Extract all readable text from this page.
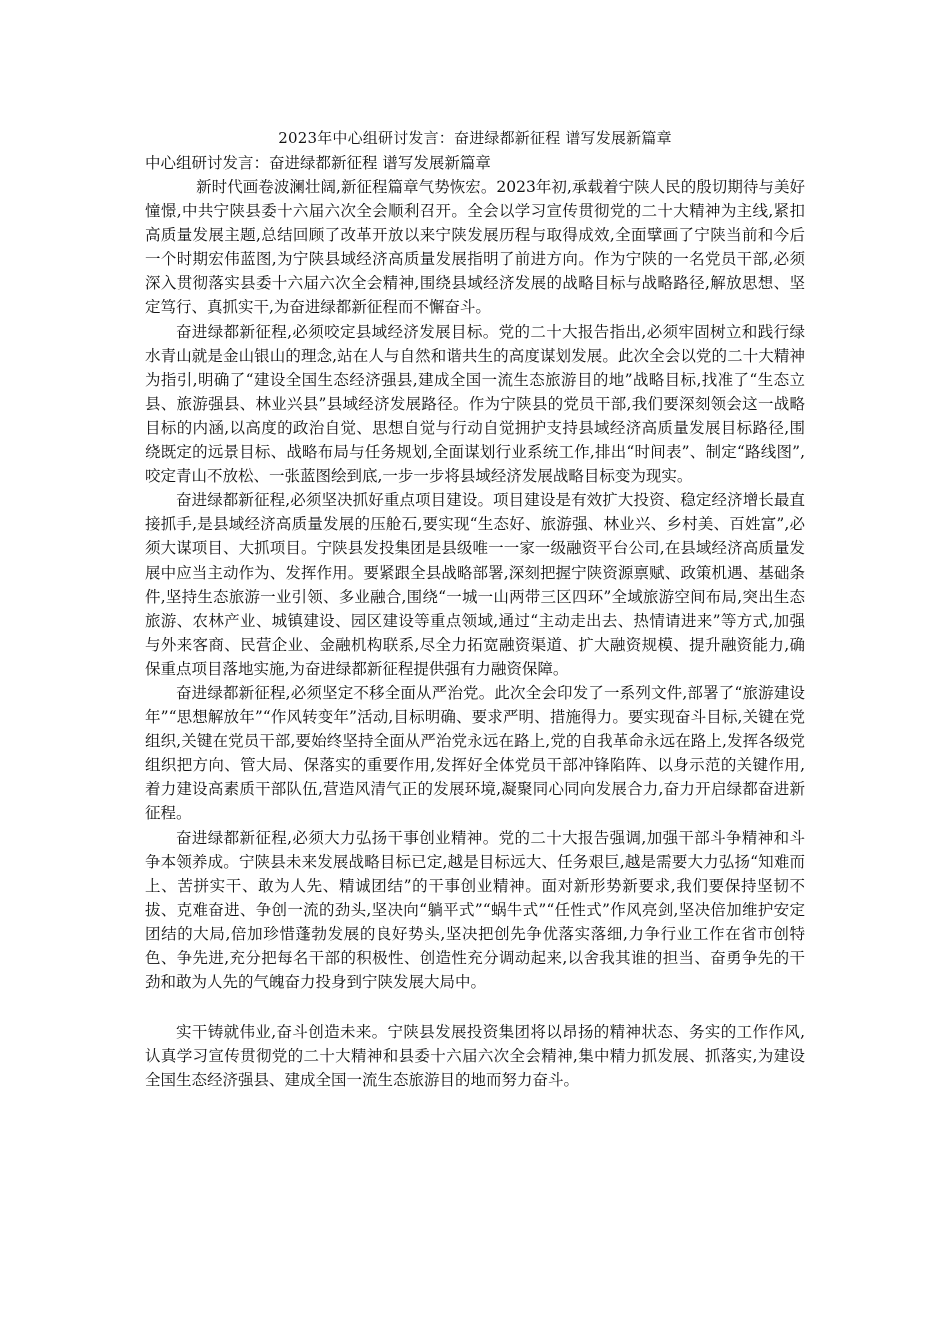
2023年中心组研讨发言：奋进绿都新征程 谱写发展新篇章
中心组研讨发言：奋进绿都新征程 谱写发展新篇章

新时代画卷波澜壮阔,新征程篇章气势恢宏。2023年初,承载着宁陕人民的殷切期待与美好憧憬,中共宁陕县委十六届六次全会顺利召开。全会以学习宣传贯彻党的二十大精神为主线,紧扣高质量发展主题,总结回顾了改革开放以来宁陕发展历程与取得成效,全面擘画了宁陕当前和今后一个时期宏伟蓝图,为宁陕县域经济高质量发展指明了前进方向。作为宁陕的一名党员干部,必须深入贯彻落实县委十六届六次全会精神,围绕县域经济发展的战略目标与战略路径,解放思想、坚定笃行、真抓实干,为奋进绿都新征程而不懈奋斗。

奋进绿都新征程,必须咬定县域经济发展目标。党的二十大报告指出,必须牢固树立和践行绿水青山就是金山银山的理念,站在人与自然和谐共生的高度谋划发展。此次全会以党的二十大精神为指引,明确了“建设全国生态经济强县,建成全国一流生态旅游目的地”战略目标,找准了“生态立县、旅游强县、林业兴县”县域经济发展路径。作为宁陕县的党员干部,我们要深刻领会这一战略目标的内涵,以高度的政治自觉、思想自觉与行动自觉拥护支持县域经济高质量发展目标路径,围绕既定的远景目标、战略布局与任务规划,全面谋划行业系统工作,排出“时间表”、制定“路线图”,咬定青山不放松、一张蓝图绘到底,一步一步将县域经济发展战略目标变为现实。

奋进绿都新征程,必须坚决抓好重点项目建设。项目建设是有效扩大投资、稳定经济增长最直接抓手,是县域经济高质量发展的压舱石,要实现“生态好、旅游强、林业兴、乡村美、百姓富”,必须大谋项目、大抓项目。宁陕县发投集团是县级唯一一家一级融资平台公司,在县域经济高质量发展中应当主动作为、发挥作用。要紧跟全县战略部署,深刻把握宁陕资源禀赋、政策机遇、基础条件,坚持生态旅游一业引领、多业融合,围绕“一城一山两带三区四环”全域旅游空间布局,突出生态旅游、农林产业、城镇建设、园区建设等重点领域,通过“主动走出去、热情请进来”等方式,加强与外来客商、民营企业、金融机构联系,尽全力拓宽融资渠道、扩大融资规模、提升融资能力,确保重点项目落地实施,为奋进绿都新征程提供强有力融资保障。

奋进绿都新征程,必须坚定不移全面从严治党。此次全会印发了一系列文件,部署了“旅游建设年”“思想解放年”“作风转变年”活动,目标明确、要求严明、措施得力。要实现奋斗目标,关键在党组织,关键在党员干部,要始终坚持全面从严治党永远在路上,党的自我革命永远在路上,发挥各级党组织把方向、管大局、保落实的重要作用,发挥好全体党员干部冲锋陷阵、以身示范的关键作用,着力建设高素质干部队伍,营造风清气正的发展环境,凝聚同心同向发展合力,奋力开启绿都奋进新征程。

奋进绿都新征程,必须大力弘扬干事创业精神。党的二十大报告强调,加强干部斗争精神和斗争本领养成。宁陕县未来发展战略目标已定,越是目标远大、任务艰巨,越是需要大力弘扬“知难而上、苦拼实干、敢为人先、精诚团结”的干事创业精神。面对新形势新要求,我们要保持坚韧不拔、克难奋进、争创一流的劲头,坚决向“躺平式”“蜗牛式”“任性式”作风亮剑,坚决倍加维护安定团结的大局,倍加珍惜蓬勃发展的良好势头,坚决把创先争优落实落细,力争行业工作在省市创特色、争先进,充分把每名干部的积极性、创造性充分调动起来,以舍我其谁的担当、奋勇争先的干劲和敢为人先的气魄奋力投身到宁陕发展大局中。

实干铸就伟业,奋斗创造未来。宁陕县发展投资集团将以昂扬的精神状态、务实的工作作风,认真学习宣传贯彻党的二十大精神和县委十六届六次全会精神,集中精力抓发展、抓落实,为建设全国生态经济强县、建成全国一流生态旅游目的地而努力奋斗。
